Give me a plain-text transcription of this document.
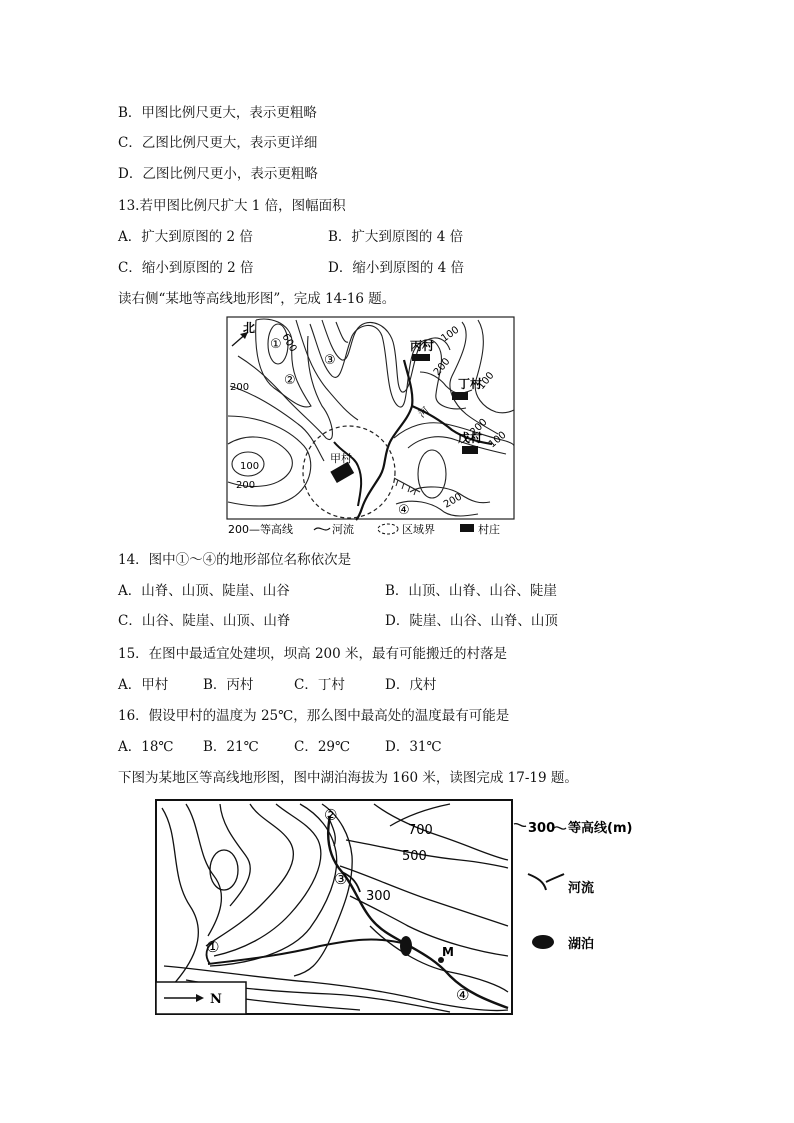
B．甲图比例尺更大，表示更粗略
C．乙图比例尺更大，表示更详细
D．乙图比例尺更小，表示更粗略
13.若甲图比例尺扩大 1 倍，图幅面积
A．扩大到原图的 2 倍	B．扩大到原图的 4 倍
C．缩小到原图的 2 倍	D．缩小到原图的 4 倍
读右侧“某地等高线地形图”，完成 14-16 题。
北
600
200
100
200
100
100
200
100
200
200
河
①
②
③
④
甲村
丙村
丁村
戊村
200—等高线	河流	区域界	村庄
14．图中①～④的地形部位名称依次是
A．山脊、山顶、陡崖、山谷	B．山顶、山脊、山谷、陡崖
C．山谷、陡崖、山顶、山脊	D．陡崖、山谷、山脊、山顶
15．在图中最适宜处建坝，坝高 200 米，最有可能搬迁的村落是
A．甲村	B．丙村	C．丁村	D．戊村
16．假设甲村的温度为 25℃，那么图中最高处的温度最有可能是
A．18℃ B．21℃	C．29℃	D．31℃
下图为某地区等高线地形图，图中湖泊海拔为 160 米，读图完成 17-19 题。
700
500
300
M
①
②
③
④
N
300 等高线(m)
河流
湖泊
